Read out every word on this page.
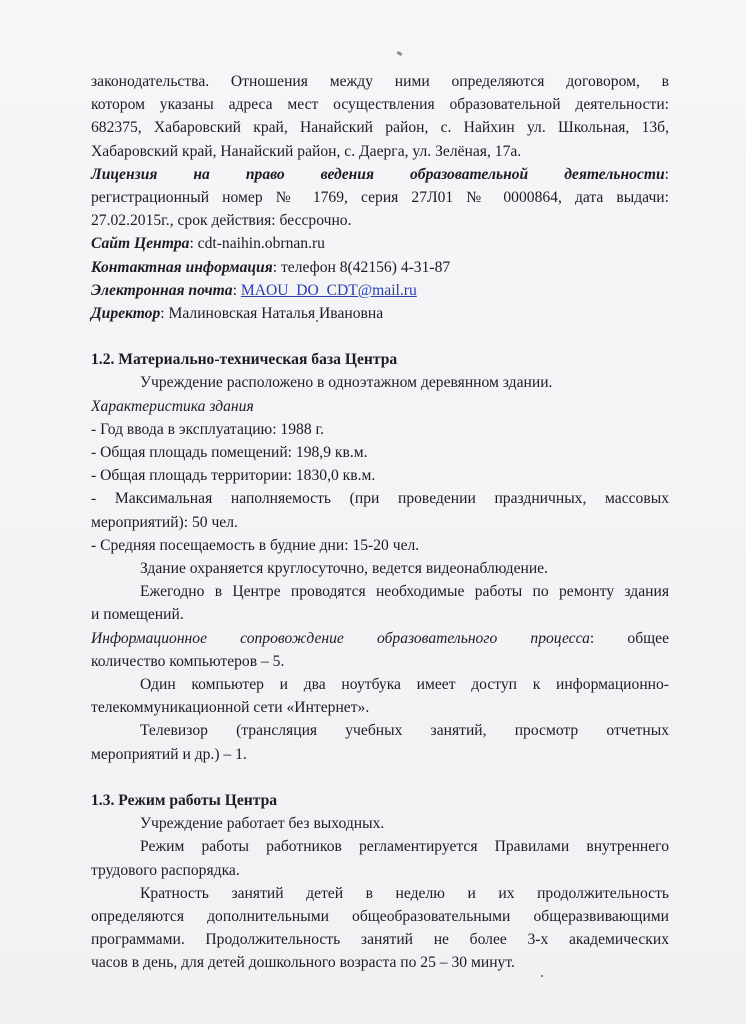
законодательства. Отношения между ними определяются договором, в

котором указаны адреса мест осуществления образовательной деятельности:

682375, Хабаровский край, Нанайский район, с. Найхин ул. Школьная, 13б,

Хабаровский край, Нанайский район, с. Даерга, ул. Зелёная, 17а.

Лицензия на право ведения образовательной деятельности:

регистрационный номер № 1769, серия 27Л01 № 0000864, дата выдачи:

27.02.2015г., срок действия: бессрочно.

Сайт Центра: cdt-naihin.obrnan.ru

Контактная информация: телефон 8(42156) 4-31-87

Электронная почта: MAOU_DO_CDT@mail.ru

Директор: Малиновская Наталья Ивановна

1.2. Материально-техническая база Центра

Учреждение расположено в одноэтажном деревянном здании.

Характеристика здания

- Год ввода в эксплуатацию: 1988 г.

- Общая площадь помещений: 198,9 кв.м.

- Общая площадь территории: 1830,0 кв.м.

- Максимальная наполняемость (при проведении праздничных, массовых

мероприятий): 50 чел.

- Средняя посещаемость в будние дни: 15-20 чел.

Здание охраняется круглосуточно, ведется видеонаблюдение.

Ежегодно в Центре проводятся необходимые работы по ремонту здания

и помещений.

Информационное сопровождение образовательного процесса: общее

количество компьютеров – 5.

Один компьютер и два ноутбука имеет доступ к информационно-

телекоммуникационной сети «Интернет».

Телевизор (трансляция учебных занятий, просмотр отчетных

мероприятий и др.) – 1.

1.3. Режим работы Центра

Учреждение работает без выходных.

Режим работы работников регламентируется Правилами внутреннего

трудового распорядка.

Кратность занятий детей в неделю и их продолжительность

определяются дополнительными общеобразовательными общеразвивающими

программами. Продолжительность занятий не более 3-х академических

часов в день, для детей дошкольного возраста по 25 – 30 минут.
